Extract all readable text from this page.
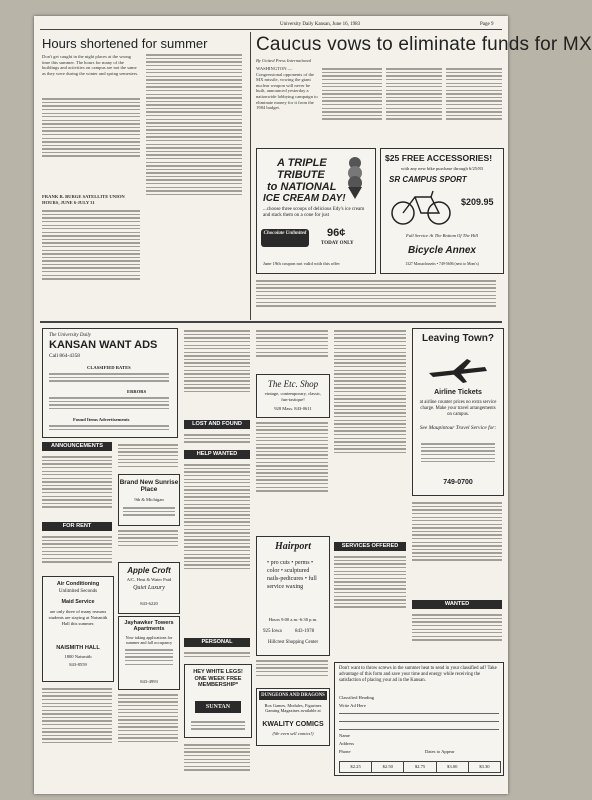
University Daily Kansan, June 16, 1983	Page 9
Hours shortened for summer
Don't get caught in the night places at the wrong time this summer. The hours for many of the buildings and activities on campus are not the same as they were during the winter and spring semesters.
FRANK R. BURGE SATELLITE UNION HOURS, JUNE 6-JULY 31
Caucus vows to eliminate funds for MX
By United Press International
WASHINGTON — Congressional opponents of the MX missile, vowing the giant nuclear weapon will never be built, announced yesterday a nationwide lobbying campaign to eliminate money for it from the 1984 budget.
A TRIPLE
TRIBUTE
to NATIONAL
ICE CREAM DAY!
...choose three scoops of delicious Edy's ice cream and stack them on a cone for just
Chocolate Unlimited 96¢
TODAY ONLY
June 19th coupon not valid with this offer
$25 FREE ACCESSORIES!
with any new bike purchase through 6/25/83
SR CAMPUS SPORT
$209.95
Full Service At The Bottom Of The Hill
Bicycle Annex
1327 Massachusetts • 749-5606 (next to Mom's)
The University Daily
KANSAN WANT ADS
Call 864-4358
CLASSIFIED RATES
ERRORS
Found Items Advertisements
ANNOUNCEMENTS
FOR RENT
Air Conditioning
Unlimited Seconds
Maid Service
are only three of many reasons students are staying at Naismith Hall this summer.
NAISMITH HALL
1800 Naismith
843-8559
Brand New Sunrise Place
9th & Michigan
Apple Croft
A/C, Heat & Water Paid
Quiet Luxury
843-6220
Jayhawker Towers Apartments
Now taking applications for summer and fall occupancy
843-4993
LOST AND FOUND
HELP WANTED
PERSONAL
HEY WHITE LEGS! ONE WEEK FREE MEMBERSHIP*
SUNTAN
The Etc. Shop
vintage, contemporary, classic, fun-tastique!
928 Mass. 843-0611
Hairport
• pro cuts • perms • color • sculptured nails-pedicures • full service waxing
Hours 9:00 a.m.-6:30 p.m.
925 Iowa	843-1978
Hillcrest Shopping Center
DUNGEONS AND DRAGONS
Box Games, Modules, Figurines Gaming Magazines available at
KWALITY COMICS
(We even sell comics!)
SERVICES OFFERED
Leaving Town?
Airline Tickets
at airline counter prices no extra service charge. Make your travel arrangements on campus.
See Maupintour Travel Service for:
749-0700
WANTED
Don't want to throw screws in the summer heat to send in your classified ad? Take advantage of this form and save your time and energy while receiving the satisfaction of placing your ad in the Kansan.
Classified Heading
Write Ad Here
Name
Address
Phone	Dates to Appear
$2.25	$2.50	$2.75	$3.00	$3.30
